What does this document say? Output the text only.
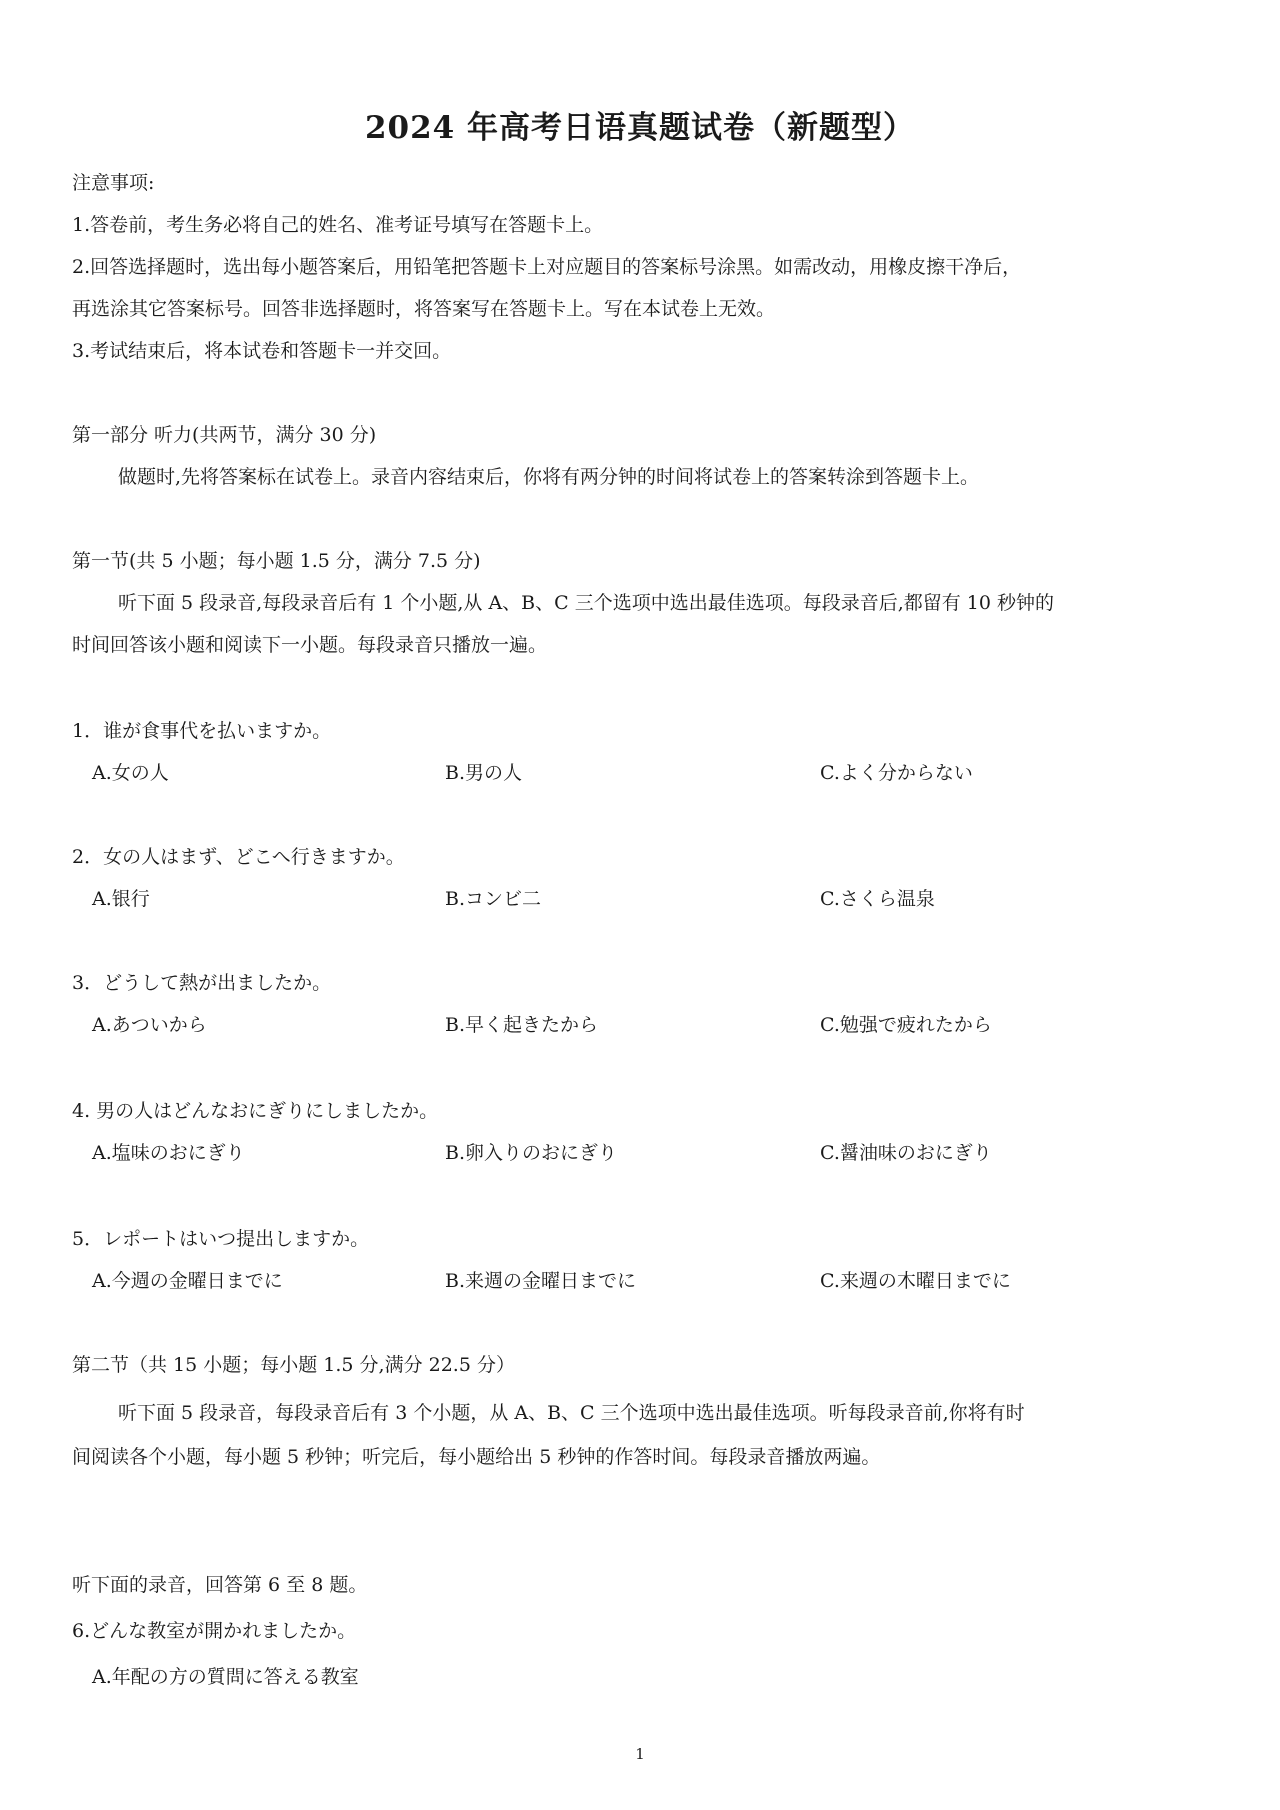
2024 年高考日语真题试卷（新题型）
注意事项:
1.答卷前，考生务必将自己的姓名、准考证号填写在答题卡上。
2.回答选择题时，选出每小题答案后，用铅笔把答题卡上对应题目的答案标号涂黑。如需改动，用橡皮擦干净后，
再选涂其它答案标号。回答非选择题时，将答案写在答题卡上。写在本试卷上无效。
3.考试结束后，将本试卷和答题卡一并交回。
第一部分 听力(共两节，满分 30 分)
做题时,先将答案标在试卷上。录音内容结束后，你将有两分钟的时间将试卷上的答案转涂到答题卡上。
第一节(共 5 小题；每小题 1.5 分，满分 7.5 分)
听下面 5 段录音,每段录音后有 1 个小题,从 A、B、C 三个选项中选出最佳选项。每段录音后,都留有 10 秒钟的
时间回答该小题和阅读下一小题。每段录音只播放一遍。
1．谁が食事代を払いますか。
A.女の人	B.男の人	C.よく分からない
2．女の人はまず、どこへ行きますか。
A.银行	B.コンビ二	C.さくら温泉
3．どうして熱が出ましたか。
A.あついから	B.早く起きたから	C.勉强で疲れたから
4. 男の人はどんなおにぎりにしましたか。
A.塩味のおにぎり	B.卵入りのおにぎり	C.醤油味のおにぎり
5．レポートはいつ提出しますか。
A.今週の金曜日までに	B.来週の金曜日までに	C.来週の木曜日までに
第二节（共 15 小题；每小题 1.5 分,满分 22.5 分）
听下面 5 段录音，每段录音后有 3 个小题，从 A、B、C 三个选项中选出最佳选项。听每段录音前,你将有时
间阅读各个小题，每小题 5 秒钟；听完后，每小题给出 5 秒钟的作答时间。每段录音播放两遍。
听下面的录音，回答第 6 至 8 题。
6.どんな教室が開かれましたか。
A.年配の方の質問に答える教室
1
